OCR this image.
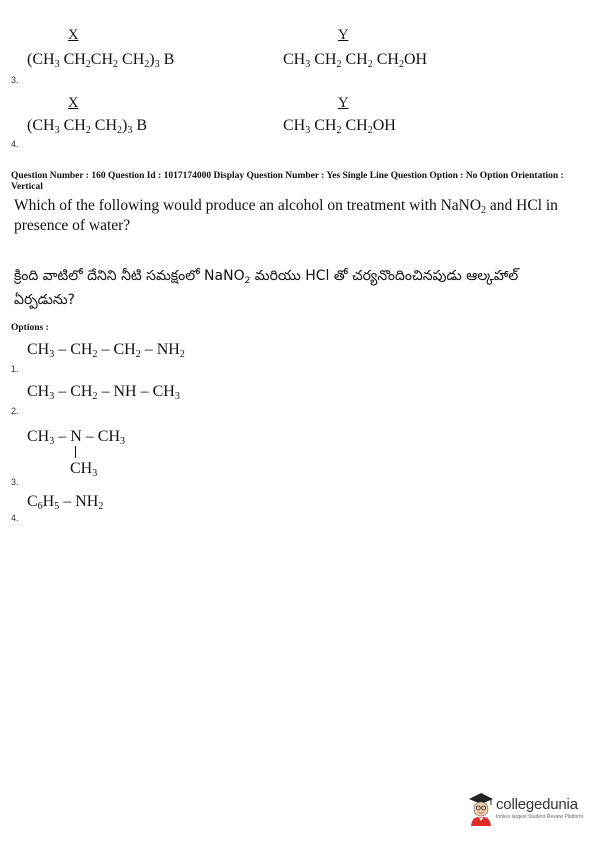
X	Y
($CH_3$ $CH_2CH_2$ $CH_2)_3$ B	$CH_3$ $CH_2$ $CH_2$ $CH_2OH$
3.
X	Y
($CH_3$ $CH_2$ $CH_2)_3$ B	$CH_3$ $CH_2$ $CH_2OH$
4.
Question Number : 160 Question Id : 1017174000 Display Question Number : Yes Single Line Question Option : No Option Orientation : Vertical
Which of the following would produce an alcohol on treatment with NaNO$_2$ and HCl in presence of water?
క్రింది వాటిలో దేనిని నీటి సమక్షంలో NaNO$_2$ మరియు HCl తో చర్యనొందించినపుడు ఆల్కహాల్ ఏర్పడును?
Options :
$CH_3 - CH_2 - CH_2 - NH_2$
1.
$CH_3 - CH_2$ – NH – $CH_3$
2.
$CH_3$ – N – $CH_3$
$CH_3$
3.
$C_6H_5 - NH_2$
4.
collegedunia
India's largest Student Review Platform
